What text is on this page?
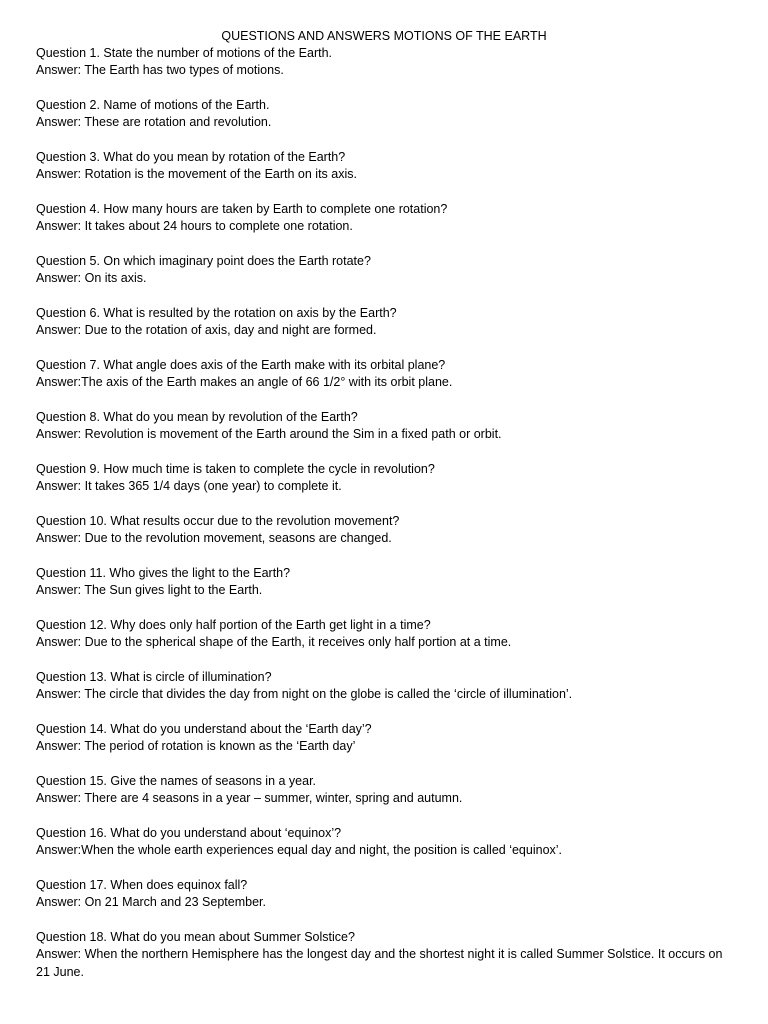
QUESTIONS AND ANSWERS MOTIONS OF THE EARTH
Question 1. State the number of motions of the Earth.
Answer: The Earth has two types of motions.
Question 2. Name of motions of the Earth.
Answer: These are rotation and revolution.
Question 3. What do you mean by rotation of the Earth?
Answer: Rotation is the movement of the Earth on its axis.
Question 4. How many hours are taken by Earth to complete one rotation?
Answer: It takes about 24 hours to complete one rotation.
Question 5. On which imaginary point does the Earth rotate?
Answer: On its axis.
Question 6. What is resulted by the rotation on axis by the Earth?
Answer: Due to the rotation of axis, day and night are formed.
Question 7. What angle does axis of the Earth make with its orbital plane?
Answer:The axis of the Earth makes an angle of 66 1/2° with its orbit plane.
Question 8. What do you mean by revolution of the Earth?
Answer: Revolution is movement of the Earth around the Sim in a fixed path or orbit.
Question 9. How much time is taken to complete the cycle in revolution?
Answer: It takes 365 1/4 days (one year) to complete it.
Question 10. What results occur due to the revolution movement?
Answer: Due to the revolution movement, seasons are changed.
Question 11. Who gives the light to the Earth?
Answer: The Sun gives light to the Earth.
Question 12. Why does only half portion of the Earth get light in a time?
Answer: Due to the spherical shape of the Earth, it receives only half portion at a time.
Question 13. What is circle of illumination?
Answer: The circle that divides the day from night on the globe is called the ‘circle of illumination’.
Question 14. What do you understand about the ‘Earth day’?
Answer: The period of rotation is known as the ‘Earth day’
Question 15. Give the names of seasons in a year.
Answer: There are 4 seasons in a year – summer, winter, spring and autumn.
Question 16. What do you understand about ‘equinox’?
Answer:When the whole earth experiences equal day and night, the position is called ‘equinox’.
Question 17. When does equinox fall?
Answer: On 21 March and 23 September.
Question 18. What do you mean about Summer Solstice?
Answer: When the northern Hemisphere has the longest day and the shortest night it is called Summer Solstice. It occurs on 21 June.
